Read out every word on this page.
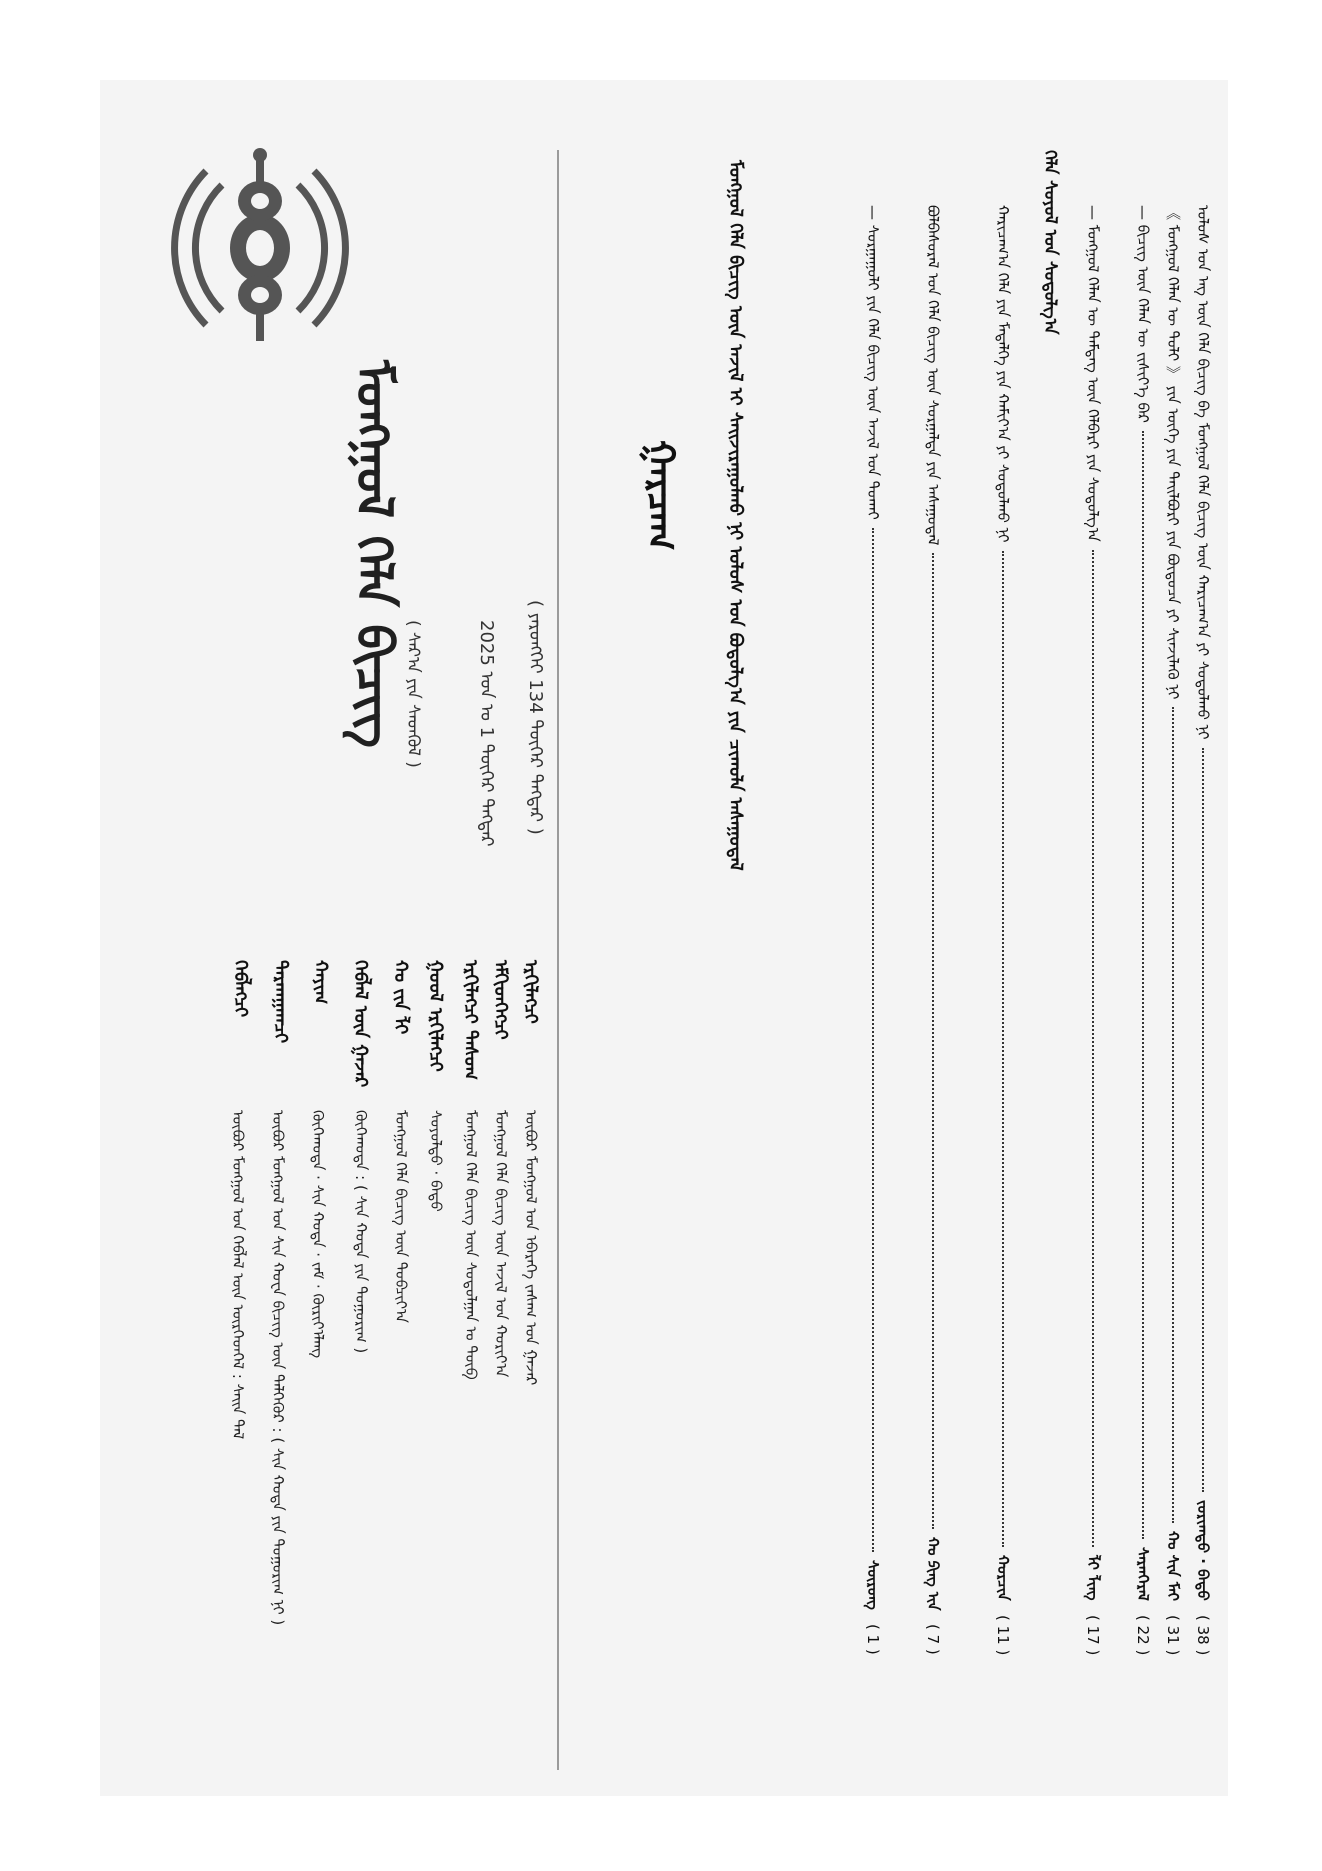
ᠮᠣᠩᠭᠣᠯ ᠬᠡᠯᠡ ᠪᠢᠴᠢᠭ ( ᠰᠠᠷ᠎ᠠ ᠶᠢᠨ ᠰᠡᠳᠬᠦᠯ )	2025 ᠣᠨ ᠤ 1 ᠳᠦᠭᠡᠷ ᠳᠡᠭᠲᠡᠷ ( ᠶᠡᠷᠦᠩᠬᠡᠢ 134 ᠳᠦᠭᠡᠷ ᠳᠡᠭᠲᠡᠷ )
ᠭᠠᠷᠴᠠᠭ	ᠤᠯᠤᠰ ᠤᠨ ᠡᠩ ᠦᠨ ᠬᠡᠯᠡ ᠪᠢᠴᠢᠭ ᠪᠠ ᠮᠣᠩᠭᠣᠯ ᠬᠡᠯᠡ ᠪᠢᠴᠢᠭ ᠦᠨ ᠬᠠᠷᠢᠴᠠᠭ᠎ᠠ ᠶᠢ ᠰᠤᠳᠤᠯᠬᠤ ᠨᠢ
ᠵᠣᠷᠢᠭᠲᠤ · ᠪᠠᠲᠤ
( 38 )
《 ᠮᠣᠩᠭᠣᠯ ᠬᠡᠯᠡᠨ ᠦ ᠲᠣᠯᠢ 》 ᠶᠢᠨ ᠦᠭᠡ ᠶᠢᠨ ᠲᠠᠢᠯᠪᠤᠷᠢ ᠶᠢᠨ ᠪᠦᠲᠦᠴᠡ ᠶᠢ ᠰᠢᠨᠵᠢᠯᠡᠬᠦ ᠨᠢ
ᠬᠤ ᠰᠢᠨ ᠮᠡᠢ
( 31 )
— ᠪᠢᠴᠢᠭ ᠦᠨ ᠬᠡᠯᠡᠨ ᠦ ᠵᠢᠱᠢᠶ᠎ᠡ ᠪᠡᠷ
ᠰᠠᠷᠠᠨᠭᠡᠷᠡᠯ
( 22 )
— ᠮᠣᠩᠭᠣᠯ ᠬᠡᠯᠡᠨ ᠦ ᠲᠡᠮᠳᠡᠭ ᠦᠨ ᠬᠡᠯᠪᠡᠷᠢ ᠶᠢᠨ ᠰᠤᠳᠤᠯᠭ᠎ᠠ
ᠯᠢ ᠯᠢᠩ
( 17 )
ᠬᠡᠯᠡ ᠰᠣᠶᠣᠯ ᠤᠨ ᠰᠤᠳᠤᠯᠭ᠎ᠠ
ᠬᠠᠷᠢᠴᠠᠭ᠎ᠠ ᠬᠡᠯᠡ ᠶᠢᠨ ᠮᠡᠳᠡᠯᠭᠡ ᠶᠢᠨ ᠬᠠᠮᠢᠶ᠎ᠠ ᠶᠢ ᠰᠤᠳᠤᠯᠬᠤ ᠨᠢ
ᠬᠣᠷᠴᠢᠨ
( 11 )
ᠪᠣᠯᠪᠠᠰᠤᠷᠠᠯ ᠤᠨ ᠬᠡᠯᠡ ᠪᠢᠴᠢᠭ ᠦᠨ ᠰᠤᠷᠭᠠᠯᠲᠠ ᠶᠢᠨ ᠠᠰᠠᠭᠤᠳᠠᠯ
ᠬᠤ ᠫᠢᠩ ᠢᠨ
( 7 )
— ᠰᠤᠷᠭᠠᠭᠤᠯᠢ ᠶᠢᠨ ᠬᠡᠯᠡ ᠪᠢᠴᠢᠭ ᠦᠨ ᠠᠵᠢᠯ ᠤᠨ ᠲᠤᠬᠠᠢ
ᠰᠦᠷᠦᠩ
( 1 )
ᠮᠣᠩᠭᠣᠯ ᠬᠡᠯᠡ ᠪᠢᠴᠢᠭ ᠦᠨ ᠠᠵᠢᠯ ᠢ ᠰᠠᠢᠵᠢᠷᠠᠭᠤᠯᠬᠤ ᠨᠢ ᠤᠯᠤᠰ ᠤᠨ ᠪᠣᠳᠤᠯᠭ᠎ᠠ ᠶᠢᠨ ᠴᠢᠬᠤᠯᠠ ᠠᠰᠠᠭᠤᠳᠠᠯ
ᠡᠷᠬᠢᠯᠡᠭᠴᠢ
ᠦᠪᠦᠷ ᠮᠣᠩᠭᠣᠯ ᠤᠨ ᠡᠪᠡᠷᠡᠭᠡ ᠵᠠᠰᠠᠭ ᠤᠨ ᠭᠠᠵᠠᠷ
ᠡᠮᠬᠢᠳᠬᠡᠭᠴᠢ
ᠮᠣᠩᠭᠣᠯ ᠬᠡᠯᠡ ᠪᠢᠴᠢᠭ ᠦᠨ ᠠᠵᠢᠯ ᠤᠨ ᠬᠣᠷᠢᠶ᠎ᠠ
ᠡᠷᠬᠢᠯᠡᠭᠴᠢ ᠲᠠᠰᠤᠭ
ᠮᠣᠩᠭᠣᠯ ᠬᠡᠯᠡ ᠪᠢᠴᠢᠭ ᠦᠨ ᠰᠤᠳᠤᠯᠭᠠᠨ ᠤ ᠲᠥᠪ
ᠭᠣᠤᠯ ᠡᠷᠬᠢᠯᠡᠭᠴᠢ
ᠰᠣᠶᠣᠯᠲᠤ · ᠪᠠᠲᠤ
ᠬᠤ ᠵᠢᠨ ᠯᠢ
ᠮᠣᠩᠭᠣᠯ ᠬᠡᠯᠡ ᠪᠢᠴᠢᠭ ᠦᠨ ᠲᠣᠪᠴᠢᠶ᠎ᠠ
ᠬᠡᠪᠯᠡᠯ ᠦᠨ ᠭᠠᠵᠠᠷ
ᠬᠥᠬᠡᠬᠣᠲᠠ : ( ᠰᠢᠨ ᠬᠣᠲᠠ ᠶᠢᠨ ᠲᠣᠭᠣᠷᠢᠭ )
ᠬᠠᠶᠢᠭ
ᠬᠥᠬᠡᠬᠣᠲᠠ · ᠰᠢᠨ ᠬᠣᠲᠠ · ᠵᠠᠮ · ᠬᠦᠷᠢᠶ᠎ᠡᠯᠡᠩ
ᠲᠠᠷᠬᠠᠭᠠᠭᠴᠢ
ᠥᠪᠥᠷ ᠮᠣᠩᠭᠣᠯ ᠤᠨ ᠰᠢᠨ ᠬᠤᠸᠠ ᠪᠢᠴᠢᠭ ᠦᠨ ᠳᠡᠯᠭᠡᠭᠦᠷ : ( ᠰᠢᠨ ᠬᠣᠲᠠ ᠶᠢᠨ ᠲᠣᠭᠣᠷᠢᠭ ᠨᠢ )
ᠬᠡᠪᠯᠡᠭᠴᠢ
ᠥᠪᠥᠷ ᠮᠣᠩᠭᠣᠯ ᠤᠨ ᠬᠡᠪᠯᠡᠯ ᠦᠨ ᠥᠷᠭᠡᠳᠬᠡᠯ : ᠰᠠᠢᠨ ᠳᠠᠯ
